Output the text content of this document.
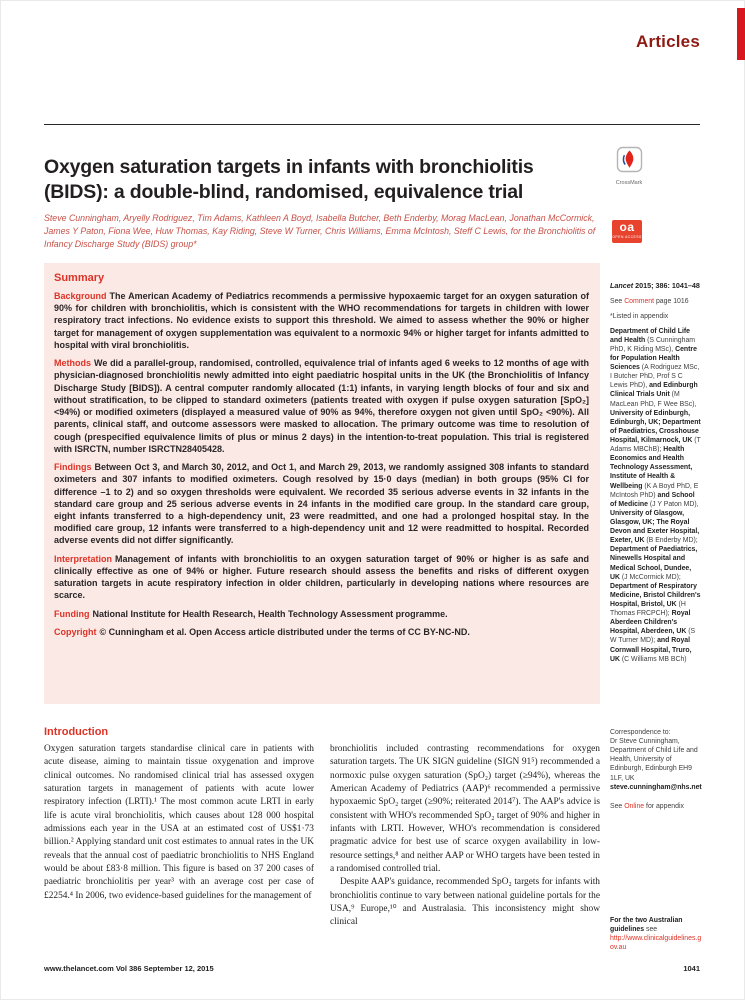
Articles
Oxygen saturation targets in infants with bronchiolitis (BIDS): a double-blind, randomised, equivalence trial
Steve Cunningham, Aryelly Rodriguez, Tim Adams, Kathleen A Boyd, Isabella Butcher, Beth Enderby, Morag MacLean, Jonathan McCormick, James Y Paton, Fiona Wee, Huw Thomas, Kay Riding, Steve W Turner, Chris Williams, Emma McIntosh, Steff C Lewis, for the Bronchiolitis of Infancy Discharge Study (BIDS) group*
CrossMark
oa
OPEN ACCESS
Summary

Background The American Academy of Pediatrics recommends a permissive hypoxaemic target for an oxygen saturation of 90% for children with bronchiolitis, which is consistent with the WHO recommendations for targets in children with lower respiratory tract infections. No evidence exists to support this threshold. We aimed to assess whether the 90% or higher target for management of oxygen supplementation was equivalent to a normoxic 94% or higher target for infants admitted to hospital with viral bronchiolitis.

Methods We did a parallel-group, randomised, controlled, equivalence trial of infants aged 6 weeks to 12 months of age with physician-diagnosed bronchiolitis newly admitted into eight paediatric hospital units in the UK (the Bronchiolitis of Infancy Discharge Study [BIDS]). A central computer randomly allocated (1:1) infants, in varying length blocks of four and six and without stratification, to be clipped to standard oximeters (patients treated with oxygen if pulse oxygen saturation [SpO₂] <94%) or modified oximeters (displayed a measured value of 90% as 94%, therefore oxygen not given until SpO₂ <90%). All parents, clinical staff, and outcome assessors were masked to allocation. The primary outcome was time to resolution of cough (prespecified equivalence limits of plus or minus 2 days) in the intention-to-treat population. This trial is registered with ISRCTN, number ISRCTN28405428.

Findings Between Oct 3, and March 30, 2012, and Oct 1, and March 29, 2013, we randomly assigned 308 infants to standard oximeters and 307 infants to modified oximeters. Cough resolved by 15·0 days (median) in both groups (95% CI for difference –1 to 2) and so oxygen thresholds were equivalent. We recorded 35 serious adverse events in 32 infants in the standard care group and 25 serious adverse events in 24 infants in the modified care group. In the standard care group, eight infants transferred to a high-dependency unit, 23 were readmitted, and one had a prolonged hospital stay. In the modified care group, 12 infants were transferred to a high-dependency unit and 12 were readmitted to hospital. Recorded adverse events did not differ significantly.

Interpretation Management of infants with bronchiolitis to an oxygen saturation target of 90% or higher is as safe and clinically effective as one of 94% or higher. Future research should assess the benefits and risks of different oxygen saturation targets in acute respiratory infection in older children, particularly in developing nations where resources are scarce.

Funding National Institute for Health Research, Health Technology Assessment programme.

Copyright © Cunningham et al. Open Access article distributed under the terms of CC BY-NC-ND.

Lancet 2015; 386: 1041–48
See Comment page 1016
*Listed in appendix
Department of Child Life and Health (S Cunningham PhD, K Riding MSc), Centre for Population Health Sciences (A Rodriguez MSc, I Butcher PhD, Prof S C Lewis PhD), and Edinburgh Clinical Trials Unit (M MacLean PhD, F Wee BSc), University of Edinburgh, Edinburgh, UK; Department of Paediatrics, Crosshouse Hospital, Kilmarnock, UK (T Adams MBChB); Health Economics and Health Technology Assessment, Institute of Health & Wellbeing (K A Boyd PhD, E McIntosh PhD) and School of Medicine (J Y Paton MD), University of Glasgow, Glasgow, UK; The Royal Devon and Exeter Hospital, Exeter, UK (B Enderby MD); Department of Paediatrics, Ninewells Hospital and Medical School, Dundee, UK (J McCormick MD); Department of Respiratory Medicine, Bristol Children's Hospital, Bristol, UK (H Thomas FRCPCH); Royal Aberdeen Children's Hospital, Aberdeen, UK (S W Turner MD); and Royal Cornwall Hospital, Truro, UK (C Williams MB BCh)
Correspondence to:
Dr Steve Cunningham, Department of Child Life and Health, University of Edinburgh, Edinburgh EH9 1LF, UK
steve.cunningham@nhs.net
See Online for appendix
For the two Australian guidelines see http://www.clinicalguidelines.gov.au
Introduction

Oxygen saturation targets standardise clinical care in patients with acute disease, aiming to maintain tissue oxygenation and improve clinical outcomes. No randomised clinical trial has assessed oxygen saturation targets in management of patients with acute lower respiratory infection (LRTI).¹ The most common acute LRTI in early life is acute viral bronchiolitis, which causes about 128 000 hospital admissions each year in the USA at an estimated cost of US$1·73 billion.² Applying standard unit cost estimates to annual rates in the UK reveals that the annual cost of paediatric bronchiolitis to NHS England would be about £83·8 million. This figure is based on 37 200 cases of paediatric bronchiolitis per year³ with an average cost per case of £2254.⁴ In 2006, two evidence-based guidelines for the management of

bronchiolitis included contrasting recommendations for oxygen saturation targets. The UK SIGN guideline (SIGN 91⁵) recommended a normoxic pulse oxygen saturation (SpO₂) target (≥94%), whereas the American Academy of Pediatrics (AAP)⁶ recommended a permissive hypoxaemic SpO₂ target (≥90%; reiterated 2014⁷). The AAP's advice is consistent with WHO's recommended SpO₂ target of 90% and higher in infants with LRTI. However, WHO's recommendation is considered pragmatic advice for best use of scarce oxygen availability in low-resource settings,⁸ and neither AAP or WHO targets have been tested in a randomised controlled trial.

Despite AAP's guidance, recommended SpO₂ targets for infants with bronchiolitis continue to vary between national guideline portals for the USA,⁹ Europe,¹⁰ and Australasia. This inconsistency might show clinical

www.thelancet.com Vol 386 September 12, 2015	1041
